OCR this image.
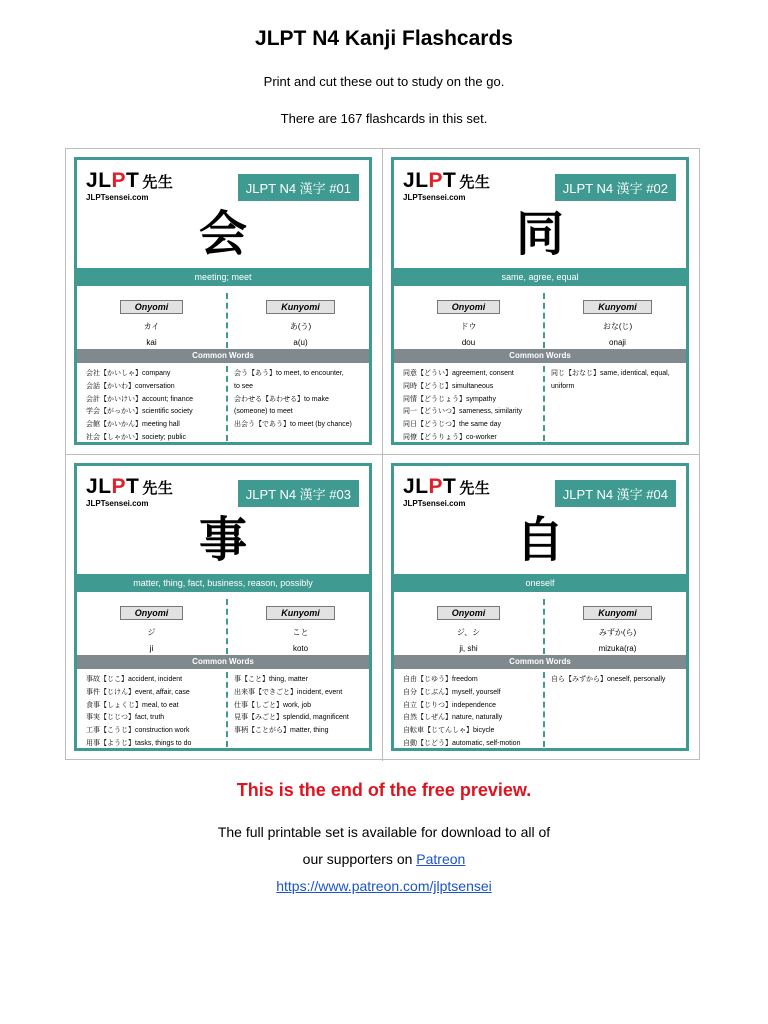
JLPT N4 Kanji Flashcards
Print and cut these out to study on the go.
There are 167 flashcards in this set.
JLPT 先生
JLPTsensei.com
JLPT N4 漢字 #01
会
meeting; meet
Onyomi
カイ
kai
Kunyomi
あ(う)
a(u)
Common Words
会社【かいしゃ】company
会話【かいわ】conversation
会計【かいけい】account; finance
学会【がっかい】scientific society
会館【かいかん】meeting hall
社会【しゃかい】society; public
会う【あう】to meet, to encounter,
to see
会わせる【あわせる】to make
(someone) to meet
出会う【であう】to meet (by chance)
JLPT 先生
JLPTsensei.com
JLPT N4 漢字 #02
同
same, agree, equal
Onyomi
ドウ
dou
Kunyomi
おな(じ)
onaji
Common Words
同意【どうい】agreement, consent
同時【どうじ】simultaneous
同情【どうじょう】sympathy
同一【どういつ】sameness, similarity
同日【どうじつ】the same day
同僚【どうりょう】co-worker
同じ【おなじ】same, identical, equal,
uniform
JLPT 先生
JLPTsensei.com
JLPT N4 漢字 #03
事
matter, thing, fact, business, reason, possibly
Onyomi
ジ
ji
Kunyomi
こと
koto
Common Words
事故【じこ】accident, incident
事件【じけん】event, affair, case
食事【しょくじ】meal, to eat
事実【じじつ】fact, truth
工事【こうじ】construction work
用事【ようじ】tasks, things to do
事【こと】thing, matter
出来事【できごと】incident, event
仕事【しごと】work, job
見事【みごと】splendid, magnificent
事柄【ことがら】matter, thing
JLPT 先生
JLPTsensei.com
JLPT N4 漢字 #04
自
oneself
Onyomi
ジ、シ
ji, shi
Kunyomi
みずか(ら)
mizuka(ra)
Common Words
自由【じゆう】freedom
自分【じぶん】myself, yourself
自立【じりつ】independence
自然【しぜん】nature, naturally
自転車【じてんしゃ】bicycle
自動【じどう】automatic, self-motion
自ら【みずから】oneself, personally
This is the end of the free preview.
The full printable set is available for download to all of
our supporters on Patreon
https://www.patreon.com/jlptsensei
